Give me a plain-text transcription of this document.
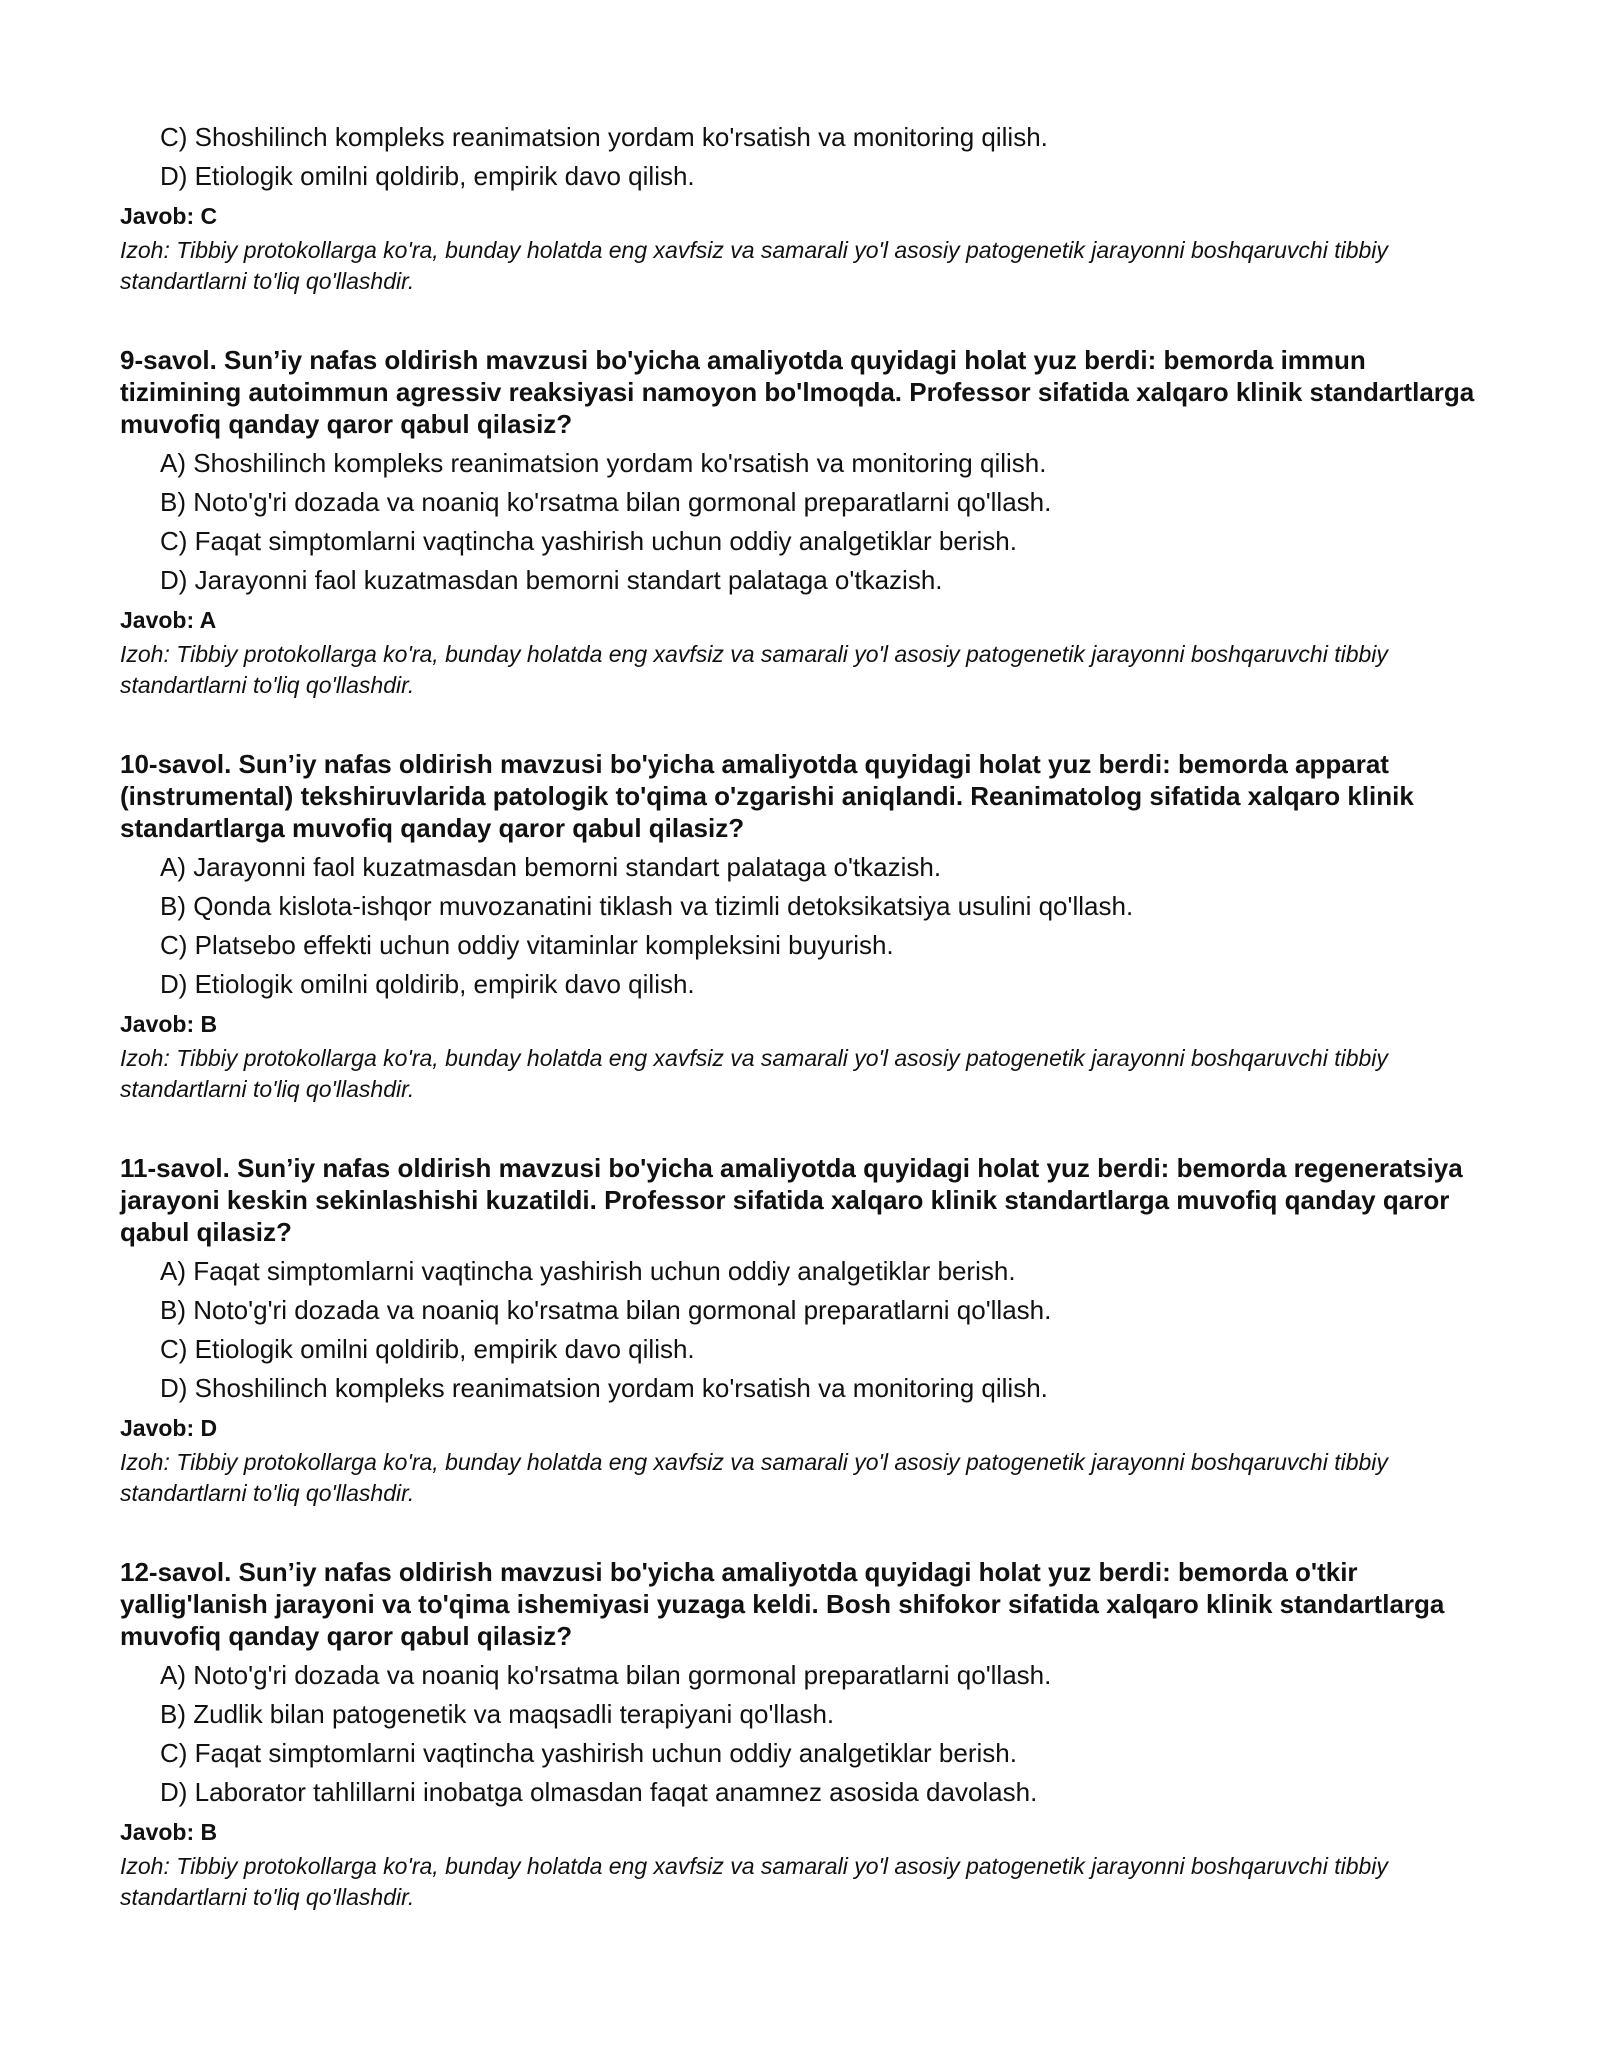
C) Shoshilinch kompleks reanimatsion yordam ko'rsatish va monitoring qilish.
D) Etiologik omilni qoldirib, empirik davo qilish.
Javob: C
Izoh: Tibbiy protokollarga ko'ra, bunday holatda eng xavfsiz va samarali yo'l asosiy patogenetik jarayonni boshqaruvchi tibbiy standartlarni to'liq qo'llashdir.
9-savol. Sun’iy nafas oldirish mavzusi bo'yicha amaliyotda quyidagi holat yuz berdi: bemorda immun tizimining autoimmun agressiv reaksiyasi namoyon bo'lmoqda. Professor sifatida xalqaro klinik standartlarga muvofiq qanday qaror qabul qilasiz?
A) Shoshilinch kompleks reanimatsion yordam ko'rsatish va monitoring qilish.
B) Noto'g'ri dozada va noaniq ko'rsatma bilan gormonal preparatlarni qo'llash.
C) Faqat simptomlarni vaqtincha yashirish uchun oddiy analgetiklar berish.
D) Jarayonni faol kuzatmasdan bemorni standart palataga o'tkazish.
Javob: A
Izoh: Tibbiy protokollarga ko'ra, bunday holatda eng xavfsiz va samarali yo'l asosiy patogenetik jarayonni boshqaruvchi tibbiy standartlarni to'liq qo'llashdir.
10-savol. Sun’iy nafas oldirish mavzusi bo'yicha amaliyotda quyidagi holat yuz berdi: bemorda apparat (instrumental) tekshiruvlarida patologik to'qima o'zgarishi aniqlandi. Reanimatolog sifatida xalqaro klinik standartlarga muvofiq qanday qaror qabul qilasiz?
A) Jarayonni faol kuzatmasdan bemorni standart palataga o'tkazish.
B) Qonda kislota-ishqor muvozanatini tiklash va tizimli detoksikatsiya usulini qo'llash.
C) Platsebo effekti uchun oddiy vitaminlar kompleksini buyurish.
D) Etiologik omilni qoldirib, empirik davo qilish.
Javob: B
Izoh: Tibbiy protokollarga ko'ra, bunday holatda eng xavfsiz va samarali yo'l asosiy patogenetik jarayonni boshqaruvchi tibbiy standartlarni to'liq qo'llashdir.
11-savol. Sun’iy nafas oldirish mavzusi bo'yicha amaliyotda quyidagi holat yuz berdi: bemorda regeneratsiya jarayoni keskin sekinlashishi kuzatildi. Professor sifatida xalqaro klinik standartlarga muvofiq qanday qaror qabul qilasiz?
A) Faqat simptomlarni vaqtincha yashirish uchun oddiy analgetiklar berish.
B) Noto'g'ri dozada va noaniq ko'rsatma bilan gormonal preparatlarni qo'llash.
C) Etiologik omilni qoldirib, empirik davo qilish.
D) Shoshilinch kompleks reanimatsion yordam ko'rsatish va monitoring qilish.
Javob: D
Izoh: Tibbiy protokollarga ko'ra, bunday holatda eng xavfsiz va samarali yo'l asosiy patogenetik jarayonni boshqaruvchi tibbiy standartlarni to'liq qo'llashdir.
12-savol. Sun’iy nafas oldirish mavzusi bo'yicha amaliyotda quyidagi holat yuz berdi: bemorda o'tkir yallig'lanish jarayoni va to'qima ishemiyasi yuzaga keldi. Bosh shifokor sifatida xalqaro klinik standartlarga muvofiq qanday qaror qabul qilasiz?
A) Noto'g'ri dozada va noaniq ko'rsatma bilan gormonal preparatlarni qo'llash.
B) Zudlik bilan patogenetik va maqsadli terapiyani qo'llash.
C) Faqat simptomlarni vaqtincha yashirish uchun oddiy analgetiklar berish.
D) Laborator tahlillarni inobatga olmasdan faqat anamnez asosida davolash.
Javob: B
Izoh: Tibbiy protokollarga ko'ra, bunday holatda eng xavfsiz va samarali yo'l asosiy patogenetik jarayonni boshqaruvchi tibbiy standartlarni to'liq qo'llashdir.
